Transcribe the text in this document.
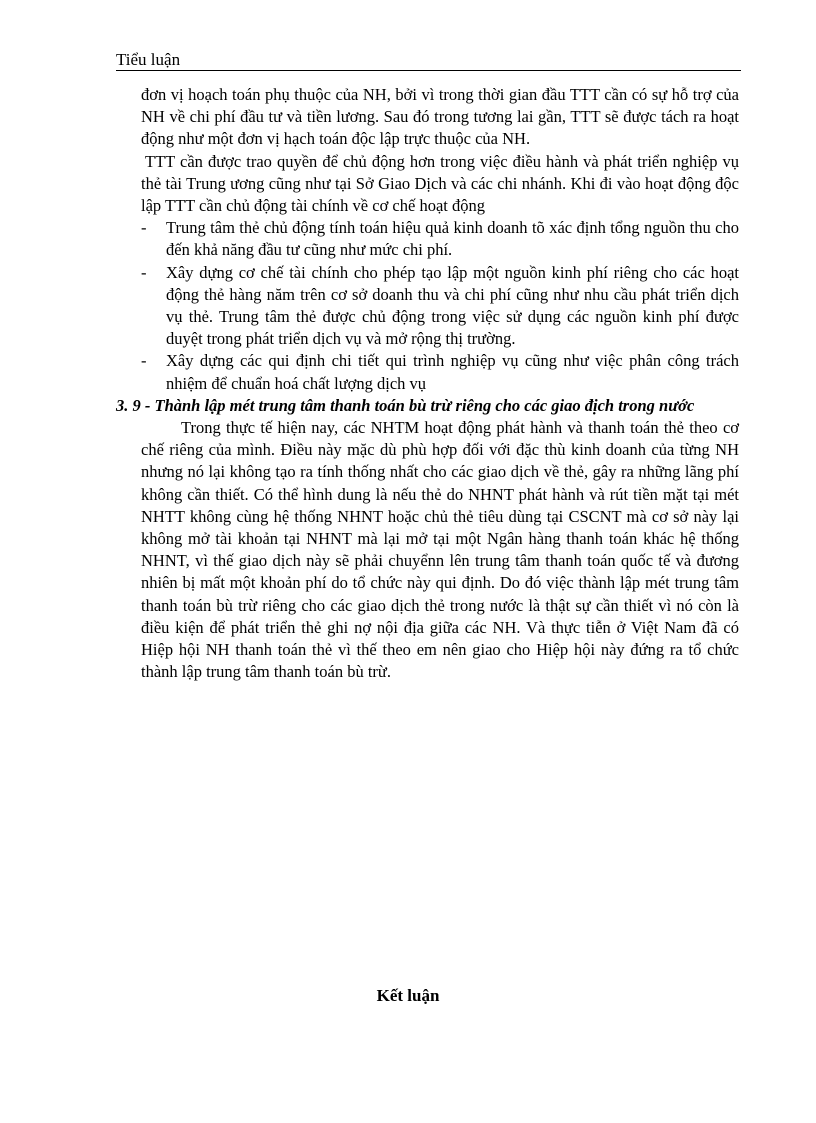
Tiểu luận

đơn vị hoạch toán phụ thuộc của NH, bởi vì trong thời gian đầu TTT cần có sự hỗ trợ của NH về chi phí đầu tư và tiền lương. Sau đó trong tương lai gần, TTT sẽ được tách ra hoạt động như một đơn vị hạch toán độc lập trực thuộc của NH.

TTT cần được trao quyền để chủ động hơn trong việc điều hành và phát triển nghiệp vụ thẻ tài Trung ương cũng như tại Sở Giao Dịch và các chi nhánh. Khi đi vào hoạt động độc lập TTT cần chủ động tài chính về cơ chế hoạt động

- Trung tâm thẻ chủ động tính toán hiệu quả kinh doanh tõ xác định tổng nguồn thu cho đến khả năng đầu tư cũng như mức chi phí.
- Xây dựng cơ chế tài chính cho phép tạo lập một nguồn kinh phí riêng cho các hoạt động thẻ hàng năm trên cơ sở doanh thu và chi phí cũng như nhu cầu phát triển dịch vụ thẻ. Trung tâm thẻ được chủ động trong việc sử dụng các nguồn kinh phí được duyệt trong phát triển dịch vụ và mở rộng thị trường.
- Xây dựng các qui định chi tiết qui trình nghiệp vụ cũng như việc phân công trách nhiệm để chuẩn hoá chất lượng dịch vụ

3. 9 - Thành lập mét trung tâm thanh toán bù trừ riêng cho các giao địch trong nước

Trong thực tế hiện nay, các NHTM hoạt động phát hành và thanh toán thẻ theo cơ chế riêng của mình. Điều này mặc dù phù hợp đối với đặc thù kinh doanh của từng NH nhưng nó lại không tạo ra tính thống nhất cho các giao dịch về thẻ, gây ra những lãng phí không cần thiết. Có thể hình dung là nếu thẻ do NHNT phát hành và rút tiền mặt tại mét NHTT không cùng hệ thống NHNT hoặc chủ thẻ tiêu dùng tại CSCNT mà cơ sở này lại không mở tài khoản tại NHNT mà lại mở tại một Ngân hàng thanh toán khác hệ thống NHNT, vì thế giao dịch này sẽ phải chuyểnn lên trung tâm thanh toán quốc tế và đương nhiên bị mất một khoản phí do tổ chức này qui định. Do đó việc thành lập mét trung tâm thanh toán bù trừ riêng cho các giao dịch thẻ trong nước là thật sự cần thiết vì nó còn là điều kiện để phát triển thẻ ghi nợ nội địa giữa các NH. Và thực tiễn ở Việt Nam đã có Hiệp hội NH thanh toán thẻ vì thế theo em nên giao cho Hiệp hội này đứng ra tổ chức thành lập trung tâm thanh toán bù trừ.

Kết luận
